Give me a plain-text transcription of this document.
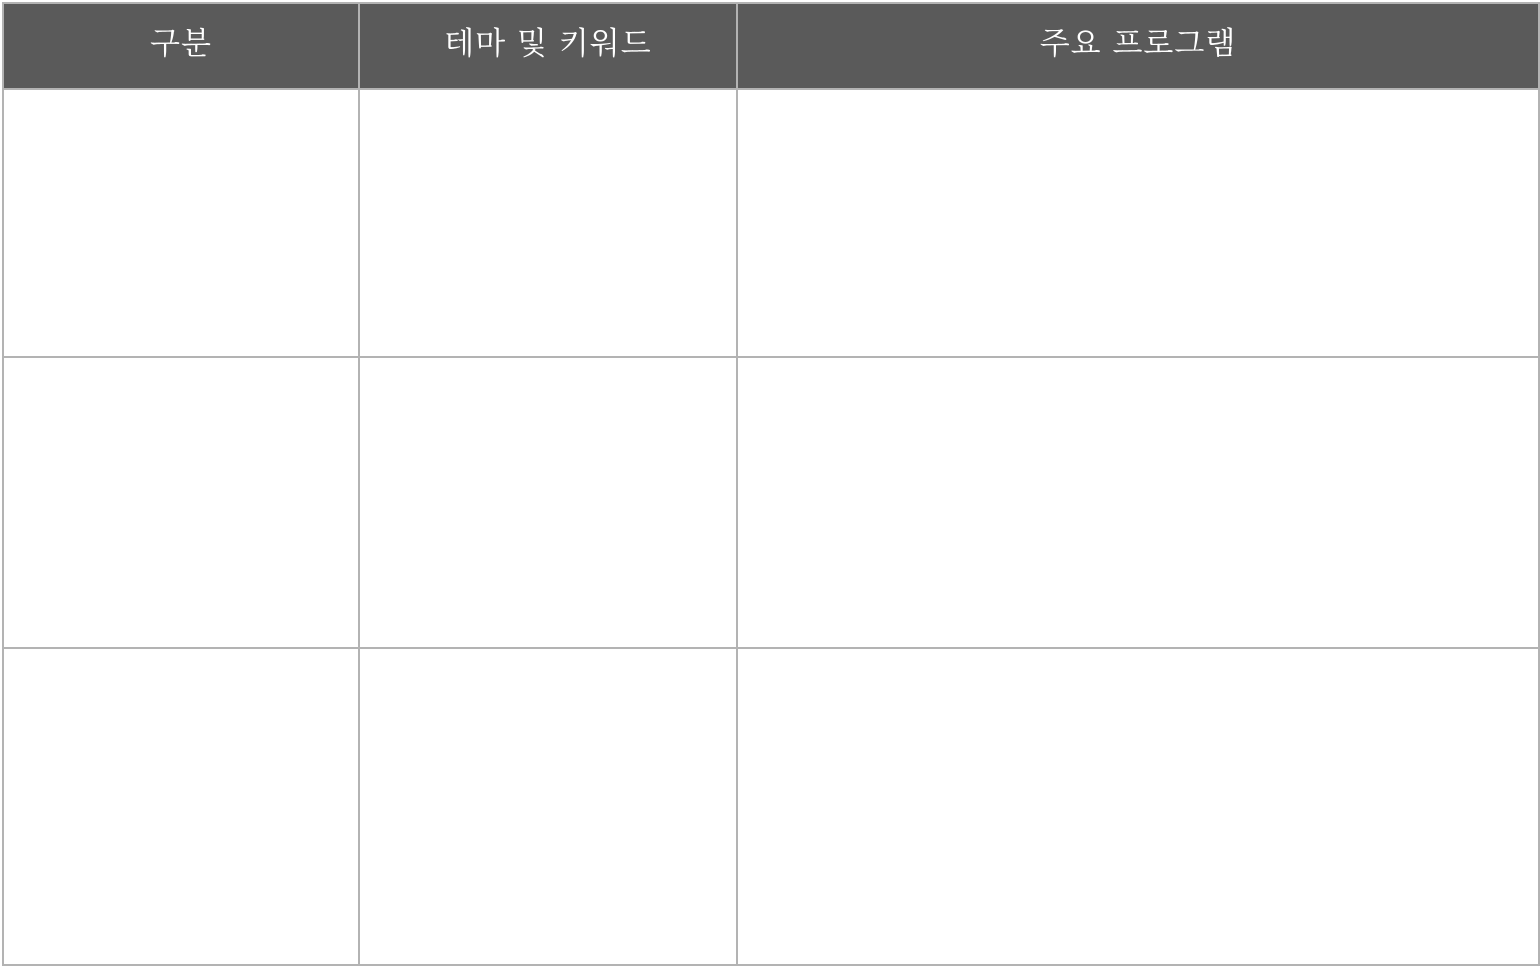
구분	테마 및 키워드	주요 프로그램
